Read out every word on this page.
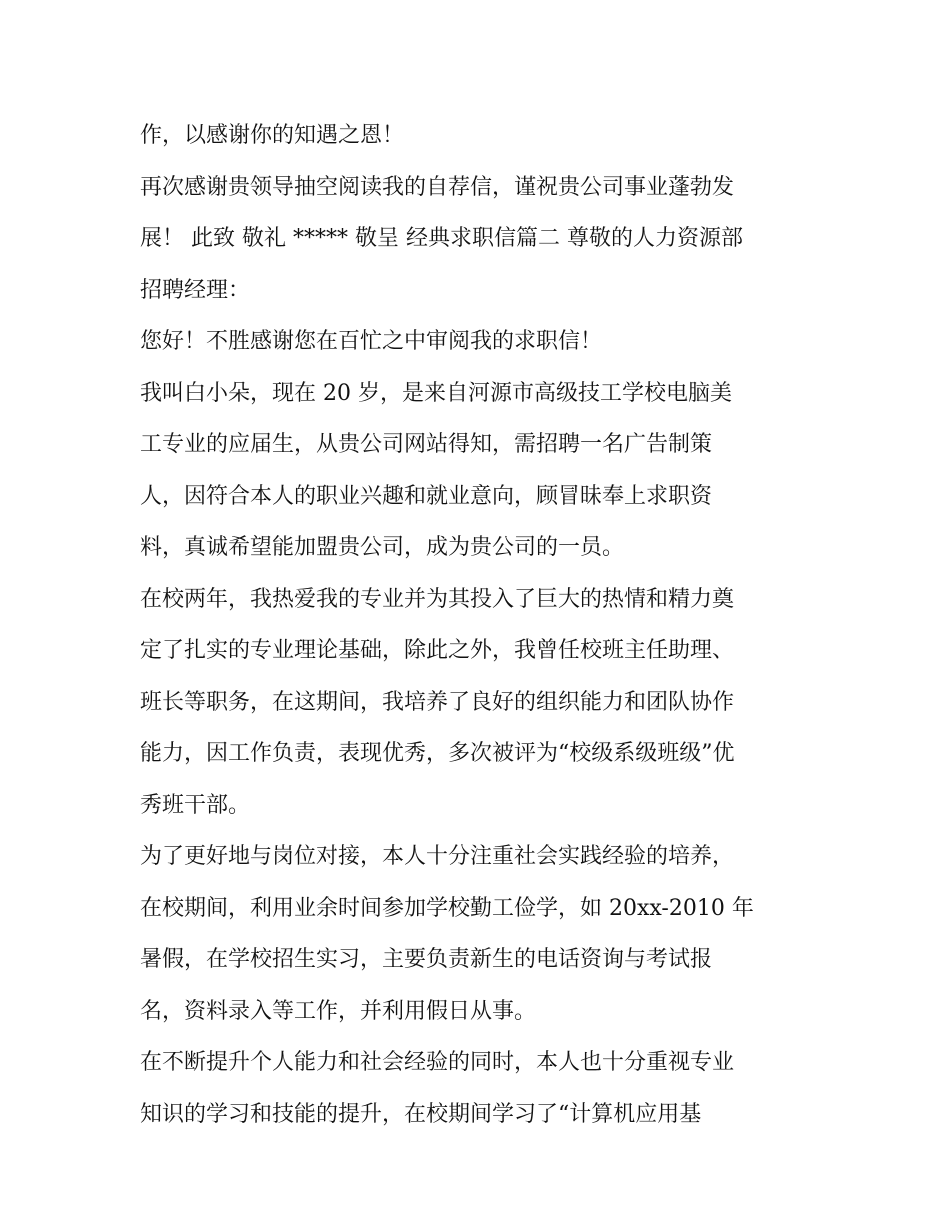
作，以感谢你的知遇之恩！
再次感谢贵领导抽空阅读我的自荐信，谨祝贵公司事业蓬勃发
展！ 此致 敬礼 ***** 敬呈 经典求职信篇二 尊敬的人力资源部
招聘经理：
您好！不胜感谢您在百忙之中审阅我的求职信！
我叫白小朵，现在 20 岁，是来自河源市高级技工学校电脑美
工专业的应届生，从贵公司网站得知，需招聘一名广告制策
人，因符合本人的职业兴趣和就业意向，顾冒昧奉上求职资
料，真诚希望能加盟贵公司，成为贵公司的一员。
在校两年，我热爱我的专业并为其投入了巨大的热情和精力奠
定了扎实的专业理论基础，除此之外，我曾任校班主任助理、
班长等职务，在这期间，我培养了良好的组织能力和团队协作
能力，因工作负责，表现优秀，多次被评为“校级系级班级”优
秀班干部。
为了更好地与岗位对接，本人十分注重社会实践经验的培养，
在校期间，利用业余时间参加学校勤工俭学，如 20xx-2010 年
暑假，在学校招生实习，主要负责新生的电话资询与考试报
名，资料录入等工作，并利用假日从事。
在不断提升个人能力和社会经验的同时，本人也十分重视专业
知识的学习和技能的提升，在校期间学习了“计算机应用基
